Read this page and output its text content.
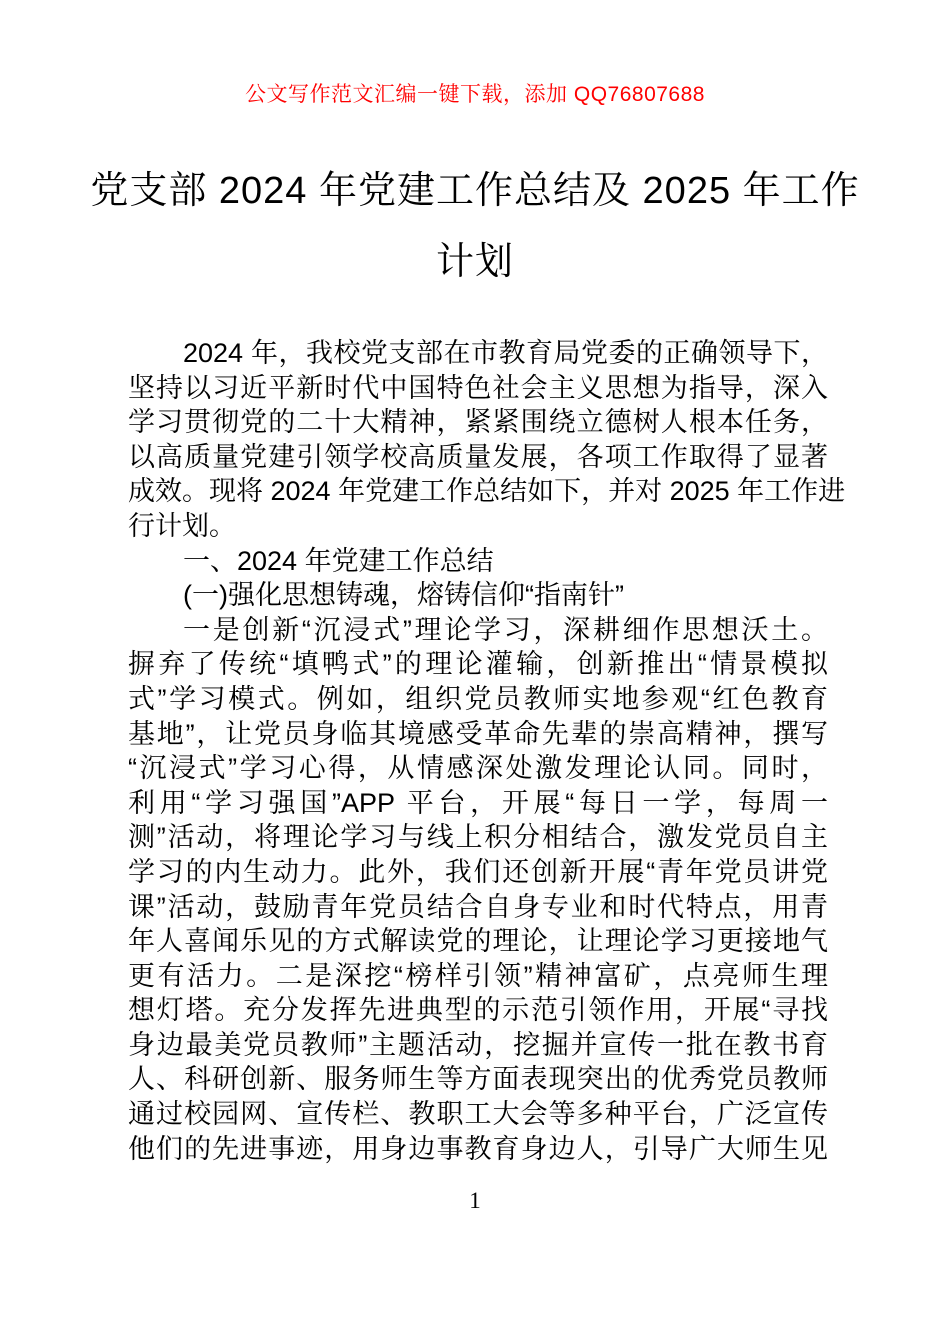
公文写作范文汇编一键下载，添加 QQ76807688
党支部 2024 年党建工作总结及 2025 年工作
计划
2024 年，我校党支部在市教育局党委的正确领导下，
坚持以习近平新时代中国特色社会主义思想为指导，深入
学习贯彻党的二十大精神，紧紧围绕立德树人根本任务，
以高质量党建引领学校高质量发展，各项工作取得了显著
成效。现将 2024 年党建工作总结如下，并对 2025 年工作进
行计划。
一、2024 年党建工作总结
(一)强化思想铸魂，熔铸信仰“指南针”
一是创新“沉浸式”理论学习，深耕细作思想沃土。
摒弃了传统“填鸭式”的理论灌输，创新推出“情景模拟
式”学习模式。例如，组织党员教师实地参观“红色教育
基地”，让党员身临其境感受革命先辈的崇高精神，撰写
“沉浸式”学习心得，从情感深处激发理论认同。同时，
利用“学习强国”APP 平台，开展“每日一学，每周一
测”活动，将理论学习与线上积分相结合，激发党员自主
学习的内生动力。此外，我们还创新开展“青年党员讲党
课”活动，鼓励青年党员结合自身专业和时代特点，用青
年人喜闻乐见的方式解读党的理论，让理论学习更接地气
更有活力。二是深挖“榜样引领”精神富矿，点亮师生理
想灯塔。充分发挥先进典型的示范引领作用，开展“寻找
身边最美党员教师”主题活动，挖掘并宣传一批在教书育
人、科研创新、服务师生等方面表现突出的优秀党员教师
通过校园网、宣传栏、教职工大会等多种平台，广泛宣传
他们的先进事迹，用身边事教育身边人，引导广大师生见
1
